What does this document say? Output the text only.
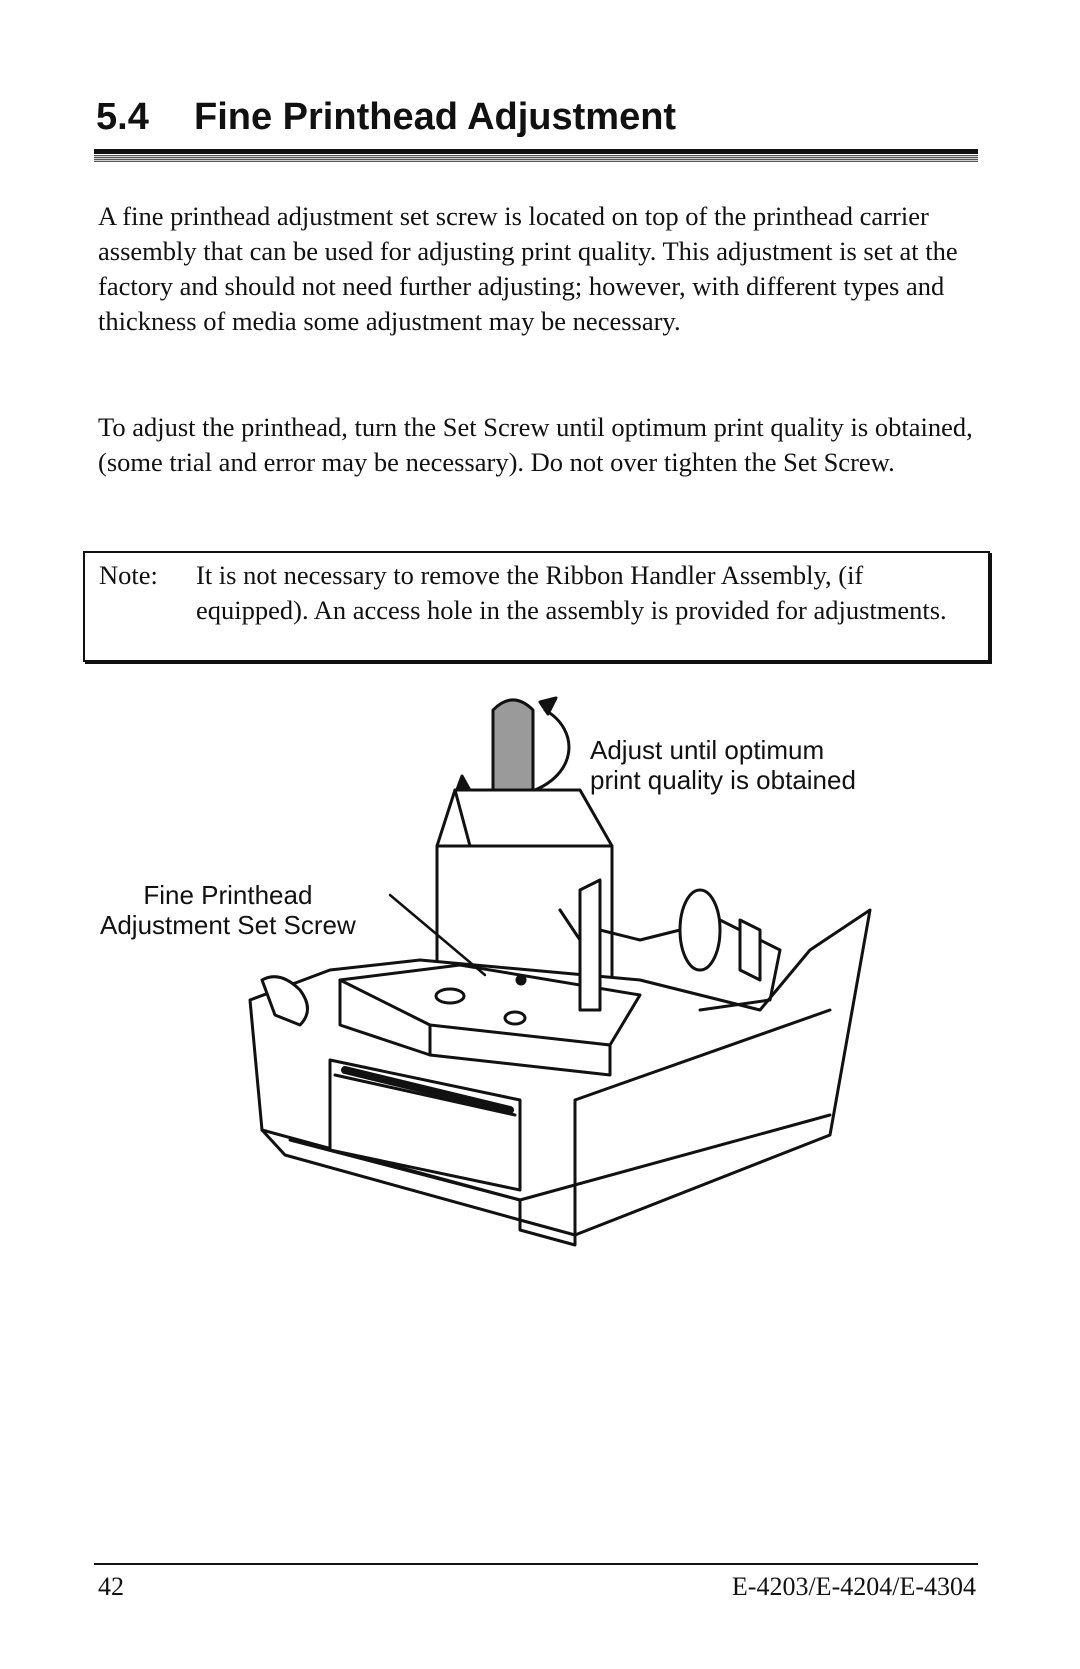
5.4 Fine Printhead Adjustment

A fine printhead adjustment set screw is located on top of the printhead carrier assembly that can be used for adjusting print quality. This adjustment is set at the factory and should not need further adjusting; however, with different types and thickness of media some adjustment may be necessary.

To adjust the printhead, turn the Set Screw until optimum print quality is obtained, (some trial and error may be necessary). Do not over tighten the Set Screw.

Note: It is not necessary to remove the Ribbon Handler Assembly, (if equipped). An access hole in the assembly is provided for adjustments.

Adjust until optimum
print quality is obtained
Fine Printhead
Adjustment Set Screw
42	E-4203/E-4204/E-4304
